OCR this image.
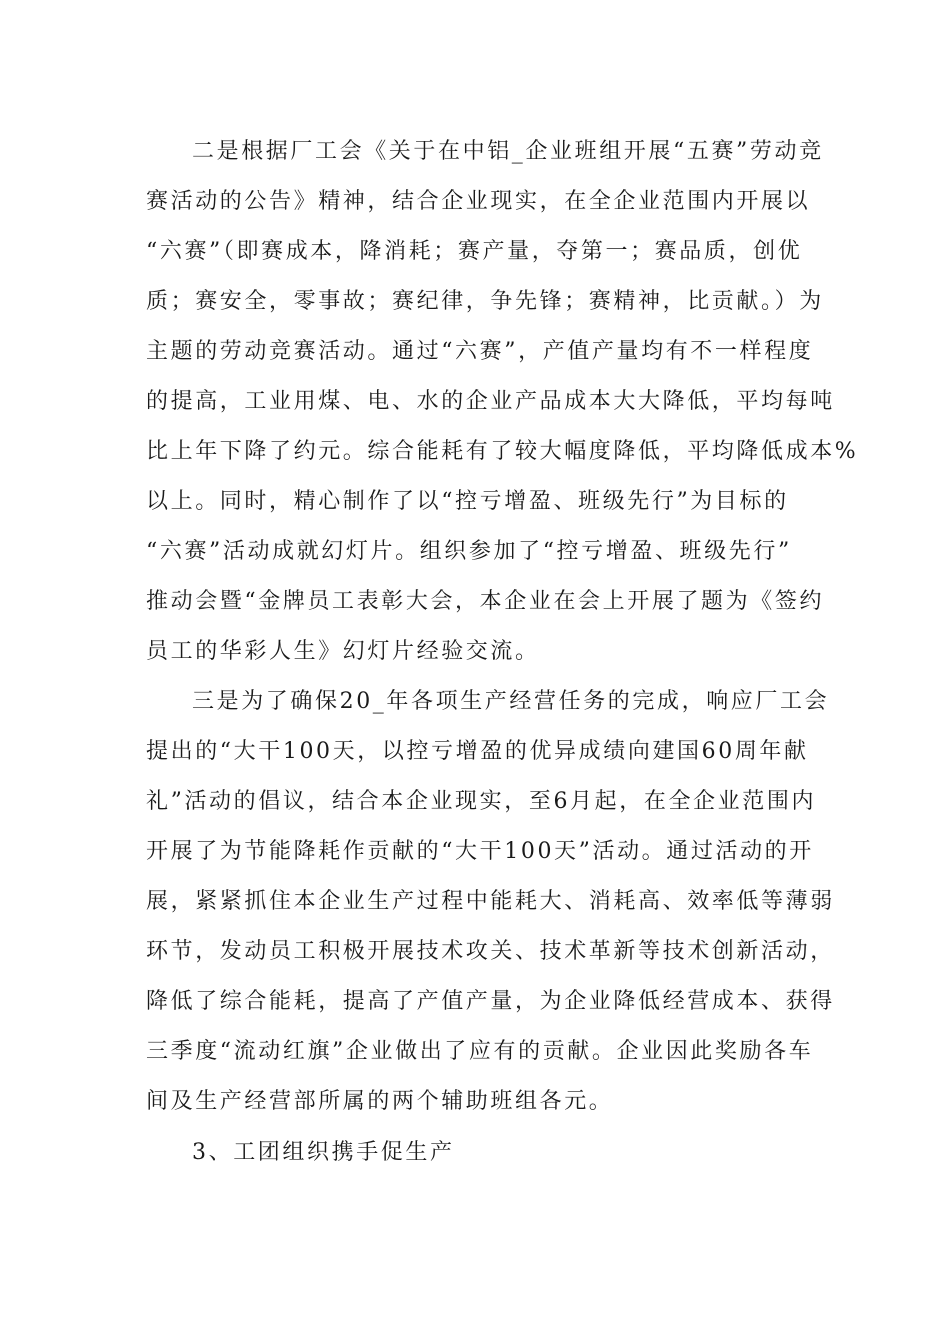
二是根据厂工会《关于在中铝_企业班组开展“五赛”劳动竞
赛活动的公告》精神，结合企业现实，在全企业范围内开展以
“六赛”（即赛成本，降消耗；赛产量，夺第一；赛品质，创优
质；赛安全，零事故；赛纪律，争先锋；赛精神，比贡献。）为
主题的劳动竞赛活动。通过“六赛”，产值产量均有不一样程度
的提高，工业用煤、电、水的企业产品成本大大降低，平均每吨
比上年下降了约元。综合能耗有了较大幅度降低，平均降低成本%
以上。同时，精心制作了以“控亏增盈、班级先行”为目标的
“六赛”活动成就幻灯片。组织参加了“控亏增盈、班级先行”
推动会暨“金牌员工表彰大会，本企业在会上开展了题为《签约
员工的华彩人生》幻灯片经验交流。
三是为了确保20_年各项生产经营任务的完成，响应厂工会
提出的“大干100天，以控亏增盈的优异成绩向建国60周年献
礼”活动的倡议，结合本企业现实，至6月起，在全企业范围内
开展了为节能降耗作贡献的“大干100天”活动。通过活动的开
展，紧紧抓住本企业生产过程中能耗大、消耗高、效率低等薄弱
环节，发动员工积极开展技术攻关、技术革新等技术创新活动，
降低了综合能耗，提高了产值产量，为企业降低经营成本、获得
三季度“流动红旗”企业做出了应有的贡献。企业因此奖励各车
间及生产经营部所属的两个辅助班组各元。
3、工团组织携手促生产
